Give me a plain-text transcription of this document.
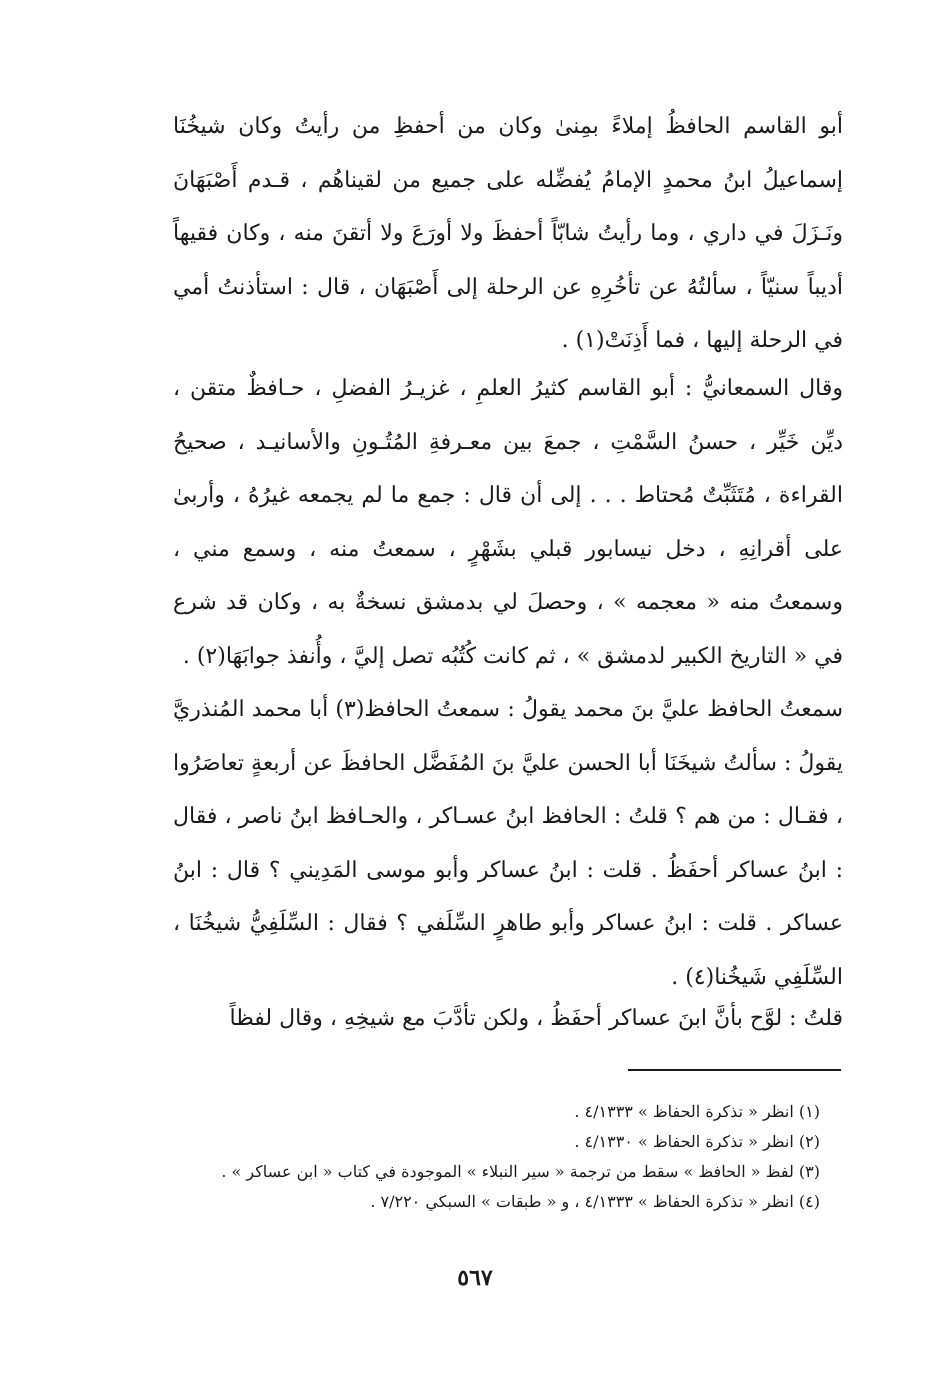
أبو القاسم الحافظُ إملاءً بمِنىٰ وكان من أحفظِ من رأيتُ وكان شيخُنَا إسماعيلُ ابنُ محمدٍ الإمامُ يُفضِّله على جميع من لقيناهُم ، قـدم أَصْبَهَانَ ونَـزَلَ في داري ، وما رأيتُ شابّاً أحفظَ ولا أورَعَ ولا أتقنَ منه ، وكان فقيهاً أديباً سنيّاً ، سألتُهُ عن تأخُرِهِ عن الرحلة إلى أَصْبَهَان ، قال : استأذنتُ أمي في الرحلة إليها ، فما أَذِنَتْ(١) .

وقال السمعانيُّ : أبو القاسم كثيرُ العلمِ ، غزيـرُ الفضلِ ، حـافظٌ متقن ، ديِّن خَيِّر ، حسنُ السَّمْتِ ، جمعَ بين معـرفةِ المُتُـونِ والأسانيـد ، صحيحُ القراءة ، مُتَثَبِّتٌ مُحتاط . . . إلى أن قال : جمع ما لم يجمعه غيرُهُ ، وأربىٰ على أقرانِهِ ، دخل نيسابور قبلي بشَهْرٍ ، سمعتُ منه ، وسمع مني ، وسمعتُ منه « معجمه » ، وحصلَ لي بدمشق نسخةٌ به ، وكان قد شرع في « التاريخ الكبير لدمشق » ، ثم كانت كُتُبُه تصل إليَّ ، وأُنفذ جوابَهَا(٢) .

سمعتُ الحافظ عليَّ بنَ محمد يقولُ : سمعتُ الحافظ(٣) أبا محمد المُنذريَّ يقولُ : سألتُ شيخَنَا أبا الحسن عليَّ بنَ المُفَضَّل الحافظَ عن أربعةٍ تعاصَرُوا ، فقـال : من هم ؟ قلتُ : الحافظ ابنُ عسـاكر ، والحـافظ ابنُ ناصر ، فقال : ابنُ عساكر أحفَظُ . قلت : ابنُ عساكر وأبو موسى المَدِيني ؟ قال : ابنُ عساكر . قلت : ابنُ عساكر وأبو طاهرٍ السِّلَفي ؟ فقال : السِّلَفِيُّ شيخُنَا ، السِّلَفِي شَيخُنا(٤) .

قلتُ : لوَّح بأنَّ ابنَ عساكر أحفَظُ ، ولكن تأدَّبَ مع شيخِهِ ، وقال لفظاً

(١) انظر « تذكرة الحفاظ » ٤/١٣٣٣ .
(٢) انظر « تذكرة الحفاظ » ٤/١٣٣٠ .
(٣) لفظ « الحافظ » سقط من ترجمة « سير النبلاء » الموجودة في كتاب « ابن عساكر » .
(٤) انظر « تذكرة الحفاظ » ٤/١٣٣٣ ، و « طبقات » السبكي ٧/٢٢٠ .
٥٦٧
